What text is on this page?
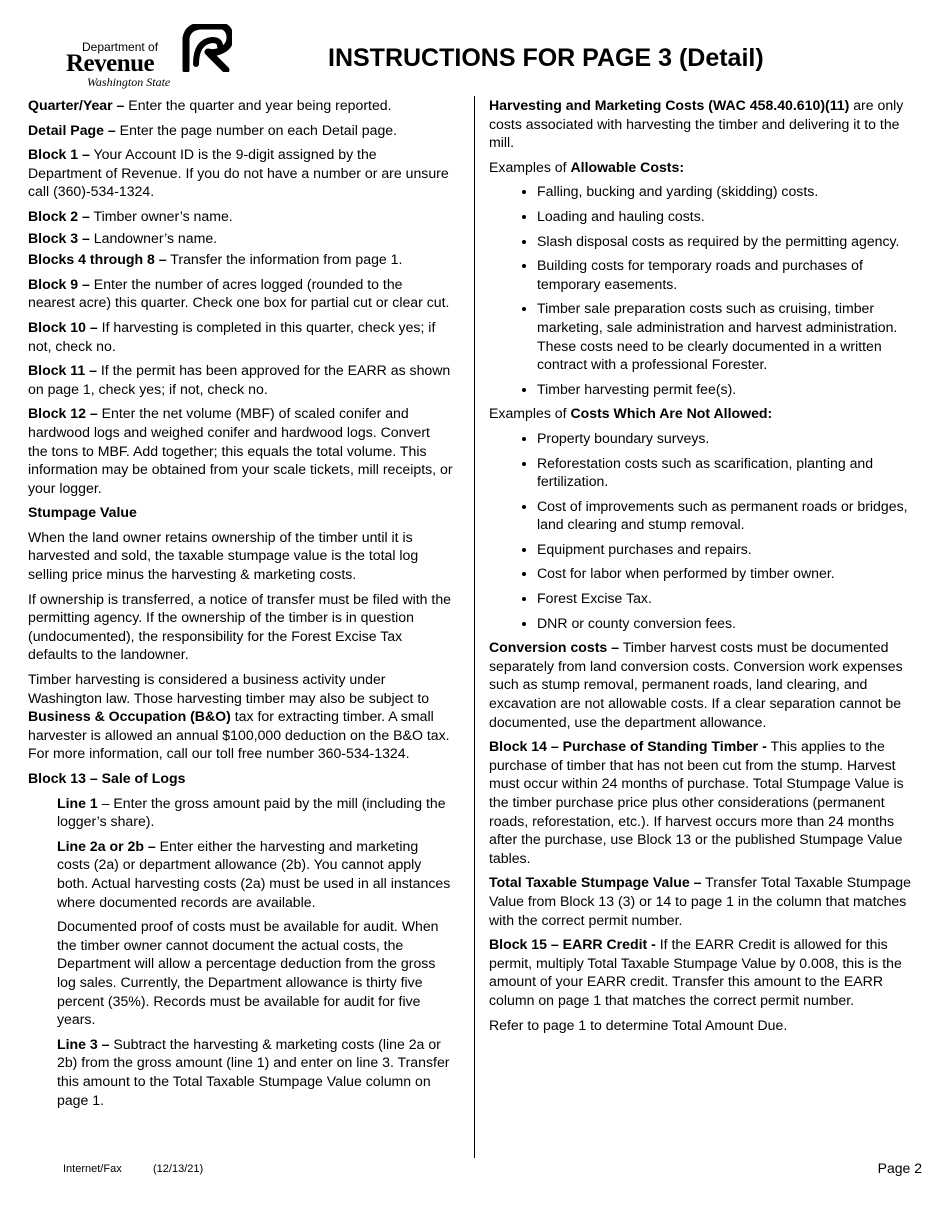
Department of
Revenue
Washington State
INSTRUCTIONS FOR PAGE 3 (Detail)

Quarter/Year – Enter the quarter and year being reported.

Detail Page – Enter the page number on each Detail page.

Block 1 – Your Account ID is the 9-digit assigned by the Department of Revenue. If you do not have a number or are unsure call (360)-534-1324.

Block 2 – Timber owner’s name.

Block 3 – Landowner’s name.

Blocks 4 through 8 – Transfer the information from page 1.

Block 9 – Enter the number of acres logged (rounded to the nearest acre) this quarter. Check one box for partial cut or clear cut.

Block 10 – If harvesting is completed in this quarter, check yes; if not, check no.

Block 11 – If the permit has been approved for the EARR as shown on page 1, check yes; if not, check no.

Block 12 – Enter the net volume (MBF) of scaled conifer and hardwood logs and weighed conifer and hardwood logs. Convert the tons to MBF. Add together; this equals the total volume. This information may be obtained from your scale tickets, mill receipts, or your logger.

Stumpage Value

When the land owner retains ownership of the timber until it is harvested and sold, the taxable stumpage value is the total log selling price minus the harvesting & marketing costs.

If ownership is transferred, a notice of transfer must be filed with the permitting agency. If the ownership of the timber is in question (undocumented), the responsibility for the Forest Excise Tax defaults to the landowner.

Timber harvesting is considered a business activity under Washington law. Those harvesting timber may also be subject to Business & Occupation (B&O) tax for extracting timber. A small harvester is allowed an annual $100,000 deduction on the B&O tax. For more information, call our toll free number 360-534-1324.

Block 13 – Sale of Logs

Line 1 – Enter the gross amount paid by the mill (including the logger’s share).

Line 2a or 2b – Enter either the harvesting and marketing costs (2a) or department allowance (2b). You cannot apply both. Actual harvesting costs (2a) must be used in all instances where documented records are available.

Documented proof of costs must be available for audit. When the timber owner cannot document the actual costs, the Department will allow a percentage deduction from the gross log sales. Currently, the Department allowance is thirty five percent (35%). Records must be available for audit for five years.

Line 3 – Subtract the harvesting & marketing costs (line 2a or 2b) from the gross amount (line 1) and enter on line 3. Transfer this amount to the Total Taxable Stumpage Value column on page 1.

Harvesting and Marketing Costs (WAC 458.40.610)(11) are only costs associated with harvesting the timber and delivering it to the mill.

Examples of Allowable Costs:

• Falling, bucking and yarding (skidding) costs.
• Loading and hauling costs.
• Slash disposal costs as required by the permitting agency.
• Building costs for temporary roads and purchases of temporary easements.
• Timber sale preparation costs such as cruising, timber marketing, sale administration and harvest administration. These costs need to be clearly documented in a written contract with a professional Forester.
• Timber harvesting permit fee(s).

Examples of Costs Which Are Not Allowed:

• Property boundary surveys.
• Reforestation costs such as scarification, planting and fertilization.
• Cost of improvements such as permanent roads or bridges, land clearing and stump removal.
• Equipment purchases and repairs.
• Cost for labor when performed by timber owner.
• Forest Excise Tax.
• DNR or county conversion fees.

Conversion costs – Timber harvest costs must be documented separately from land conversion costs. Conversion work expenses such as stump removal, permanent roads, land clearing, and excavation are not allowable costs. If a clear separation cannot be documented, use the department allowance.

Block 14 – Purchase of Standing Timber - This applies to the purchase of timber that has not been cut from the stump. Harvest must occur within 24 months of purchase. Total Stumpage Value is the timber purchase price plus other considerations (permanent roads, reforestation, etc.). If harvest occurs more than 24 months after the purchase, use Block 13 or the published Stumpage Value tables.

Total Taxable Stumpage Value – Transfer Total Taxable Stumpage Value from Block 13 (3) or 14 to page 1 in the column that matches with the correct permit number.

Block 15 – EARR Credit - If the EARR Credit is allowed for this permit, multiply Total Taxable Stumpage Value by 0.008, this is the amount of your EARR credit. Transfer this amount to the EARR column on page 1 that matches the correct permit number.

Refer to page 1 to determine Total Amount Due.

Internet/Fax	(12/13/21)	Page 2
